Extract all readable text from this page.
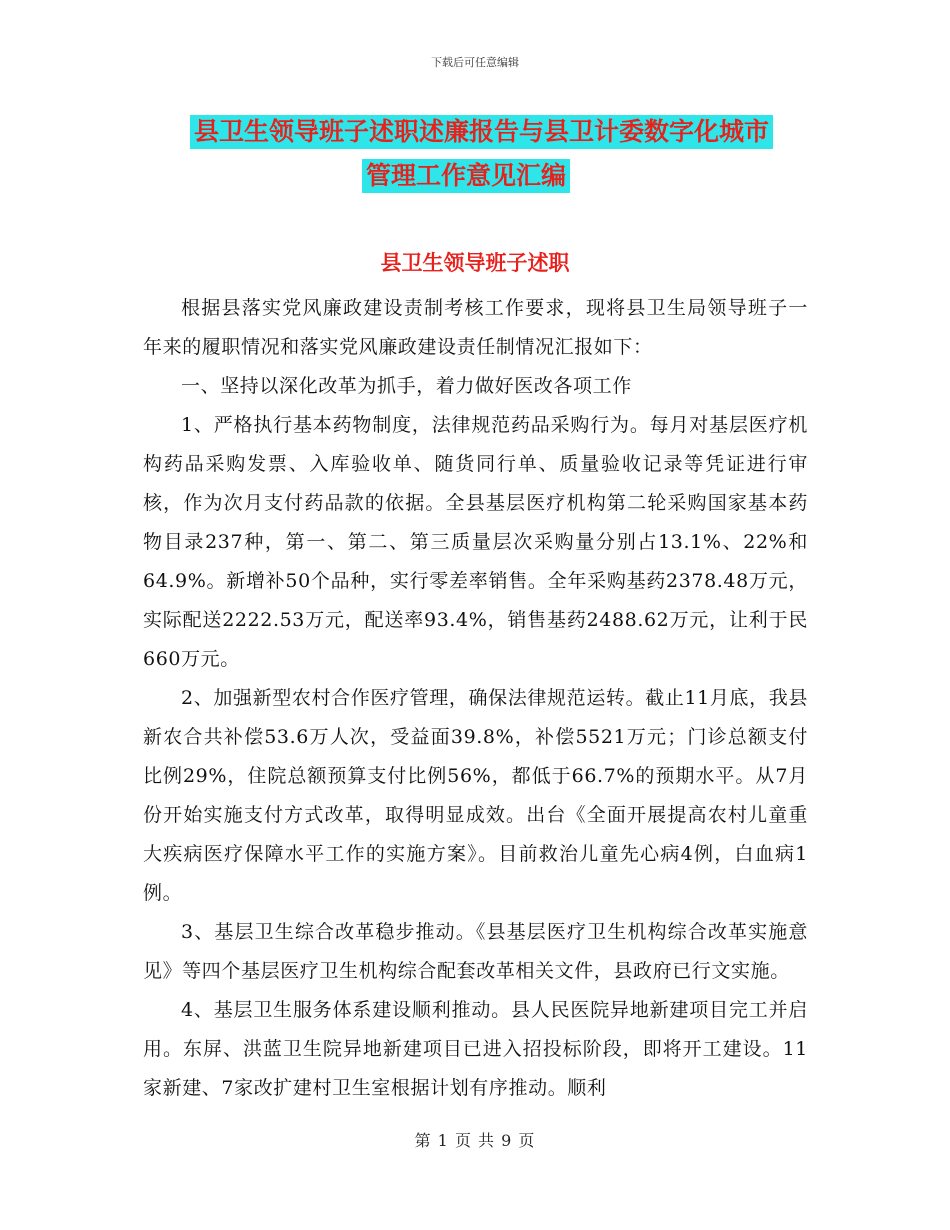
下载后可任意编辑
县卫生领导班子述职述廉报告与县卫计委数字化城市
管理工作意见汇编
县卫生领导班子述职

根据县落实党风廉政建设责制考核工作要求，现将县卫生局领导班子一年来的履职情况和落实党风廉政建设责任制情况汇报如下：

一、坚持以深化改革为抓手，着力做好医改各项工作

1、严格执行基本药物制度，法律规范药品采购行为。每月对基层医疗机构药品采购发票、入库验收单、随货同行单、质量验收记录等凭证进行审核，作为次月支付药品款的依据。全县基层医疗机构第二轮采购国家基本药物目录237种，第一、第二、第三质量层次采购量分别占13.1%、22%和64.9%。新增补50个品种，实行零差率销售。全年采购基药2378.48万元，实际配送2222.53万元，配送率93.4%，销售基药2488.62万元，让利于民660万元。

2、加强新型农村合作医疗管理，确保法律规范运转。截止11月底，我县新农合共补偿53.6万人次，受益面39.8%，补偿5521万元；门诊总额支付比例29%，住院总额预算支付比例56%，都低于66.7%的预期水平。从7月份开始实施支付方式改革，取得明显成效。出台《全面开展提高农村儿童重大疾病医疗保障水平工作的实施方案》。目前救治儿童先心病4例，白血病1例。

3、基层卫生综合改革稳步推动。《县基层医疗卫生机构综合改革实施意见》等四个基层医疗卫生机构综合配套改革相关文件，县政府已行文实施。

4、基层卫生服务体系建设顺利推动。县人民医院异地新建项目完工并启用。东屏、洪蓝卫生院异地新建项目已进入招投标阶段，即将开工建设。11家新建、7家改扩建村卫生室根据计划有序推动。顺利

第 1 页 共 9 页
